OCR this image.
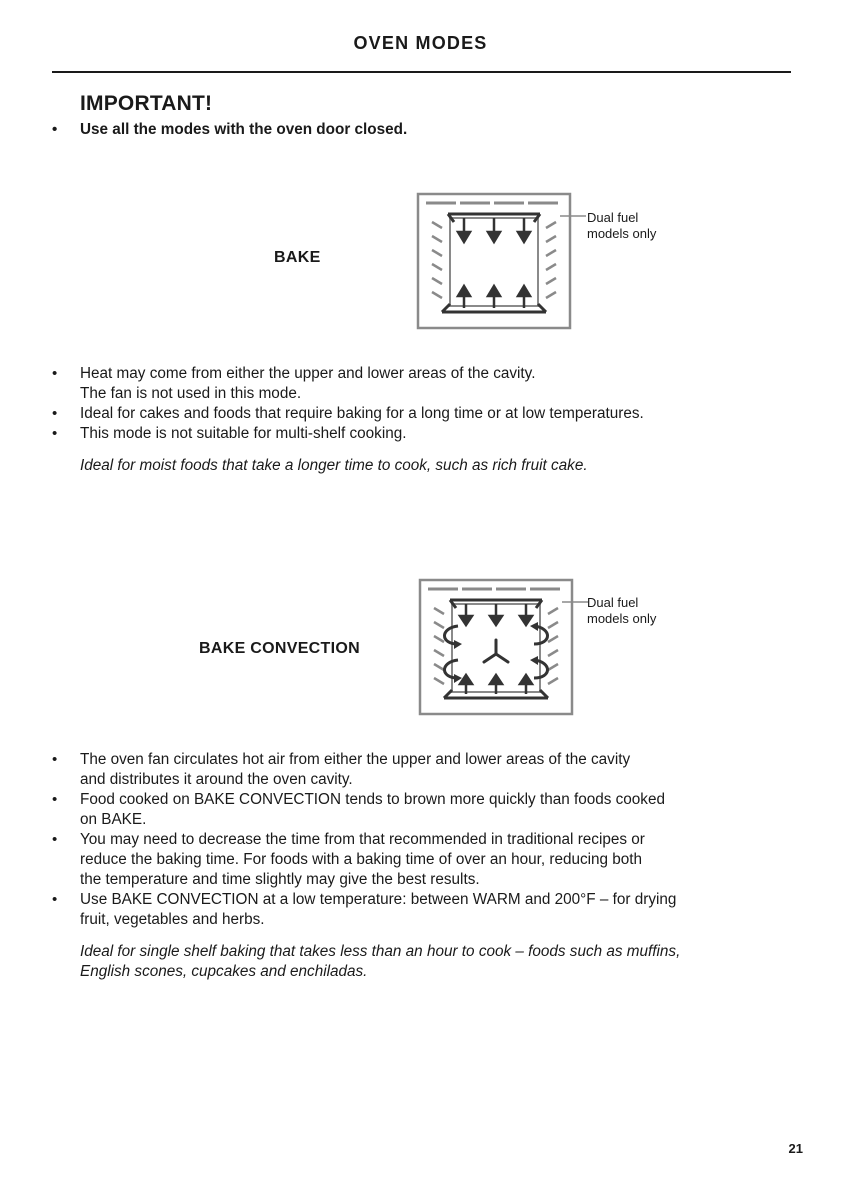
OVEN MODES
IMPORTANT!
• Use all the modes with the oven door closed.
BAKE
Dual fuel
models only
• Heat may come from either the upper and lower areas of the cavity.
The fan is not used in this mode.
• Ideal for cakes and foods that require baking for a long time or at low temperatures.
• This mode is not suitable for multi-shelf cooking.
Ideal for moist foods that take a longer time to cook, such as rich fruit cake.
BAKE CONVECTION
Dual fuel
models only
• The oven fan circulates hot air from either the upper and lower areas of the cavity
and distributes it around the oven cavity.
• Food cooked on BAKE CONVECTION tends to brown more quickly than foods cooked
on BAKE.
• You may need to decrease the time from that recommended in traditional recipes or
reduce the baking time. For foods with a baking time of over an hour, reducing both
the temperature and time slightly may give the best results.
• Use BAKE CONVECTION at a low temperature: between WARM and 200°F – for drying
fruit, vegetables and herbs.
Ideal for single shelf baking that takes less than an hour to cook – foods such as muffins,
English scones, cupcakes and enchiladas.
21
